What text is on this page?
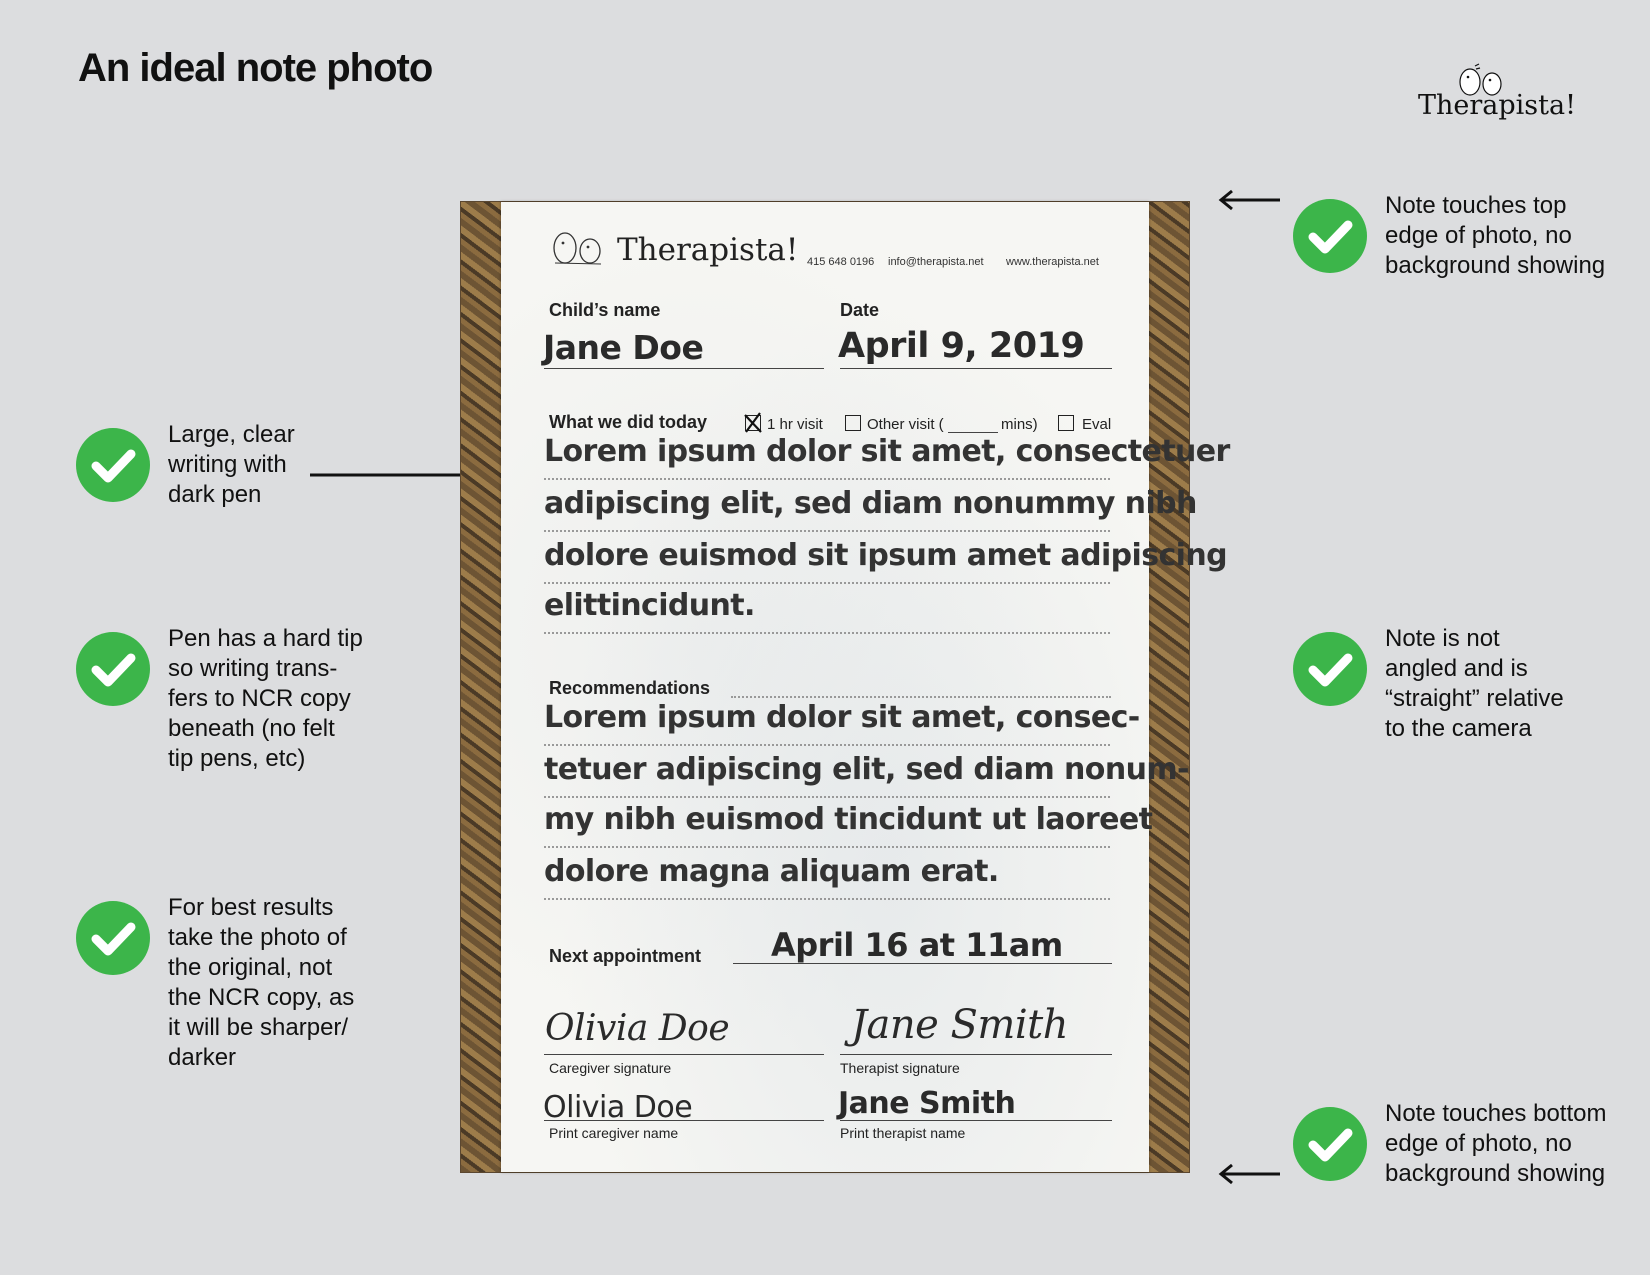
An ideal note photo
Therapista!
Large, clear
writing with
dark pen
Pen has a hard tip
so writing trans-
fers to NCR copy
beneath (no felt
tip pens, etc)
For best results
take the photo of
the original, not
the NCR copy, as
it will be sharper/
darker
Note touches top
edge of photo, no
background showing
Note is not
angled and is
“straight” relative
to the camera
Note touches bottom
edge of photo, no
background showing
Therapista! 415 648 0196 info@therapista.net www.therapista.net
Child’s name
Jane Doe
Date
April 9, 2019
What we did today	1 hr visit	Other visit (	mins)	Eval
Lorem ipsum dolor sit amet, consectetuer
adipiscing elit, sed diam nonummy nibh
dolore euismod sit ipsum amet adipiscing
elittincidunt.
Recommendations
Lorem ipsum dolor sit amet, consec-
tetuer adipiscing elit, sed diam nonum-
my nibh euismod tincidunt ut laoreet
dolore magna aliquam erat.
Next appointment April 16 at 11am
Olivia Doe
Caregiver signature
Jane Smith
Therapist signature
Olivia Doe
Print caregiver name
Jane Smith
Print therapist name
